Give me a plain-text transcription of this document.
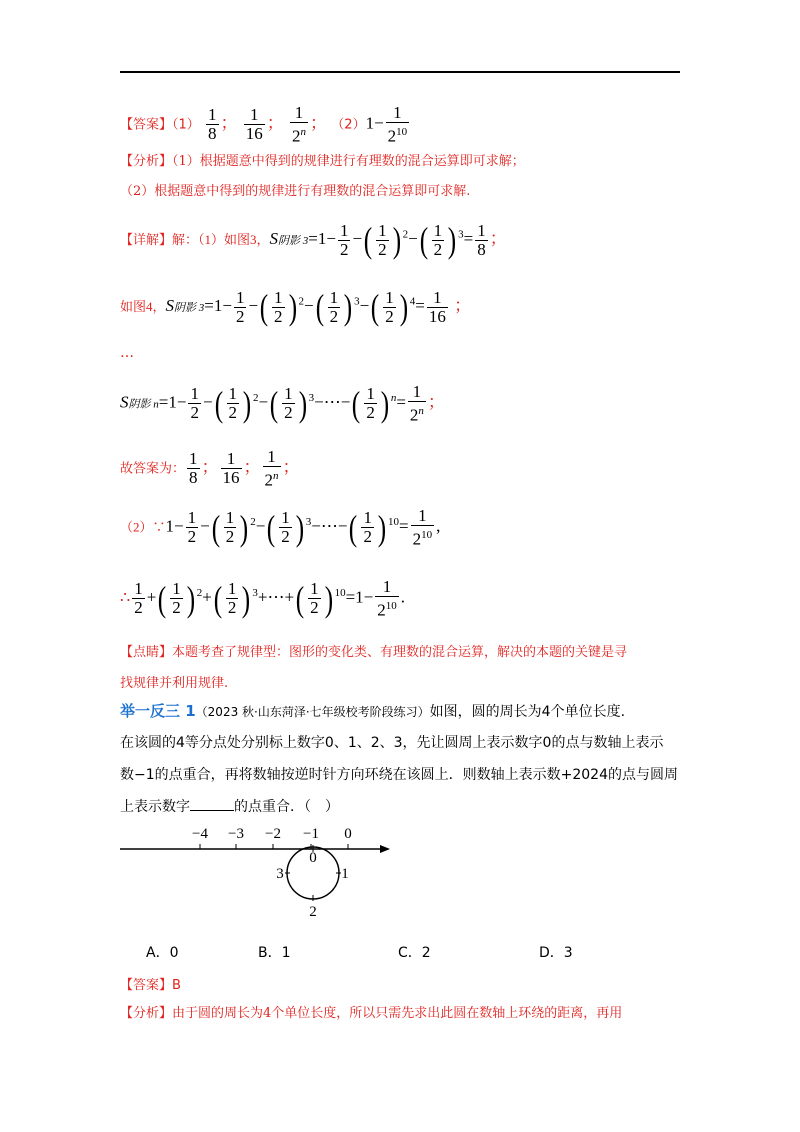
【答案】$(1) \frac{1}{8}$ ； $\frac{1}{16}$ ； $\frac{1}{2^n}$ ； $(2)1- \frac{1}{2^{10}}$
【分析】（1）根据题意中得到的规律进行有理数的混合运算即可求解；
（2）根据题意中得到的规律进行有理数的混合运算即可求解.
【详解】解：（1）如图3，S阴影 $3=1- \frac{1}{2}$ −( $\frac{1}{2}$ ) $^2-( \frac{1}{2}$ ) $^3= \frac{1}{8}$ ；
如图4，S阴影 $3=1- \frac{1}{2}$ −( $\frac{1}{2}$ ) $^2-( \frac{1}{2}$ ) $^3-( \frac{1}{2}$ ) $^4= \frac{1}{16}$ ；
…
S阴影 $n=1- \frac{1}{2}$ −( $\frac{1}{2}$ ) $^2-( \frac{1}{2}$ ) $^3$−⋯−( $\frac{1}{2}$ ) $^n= \frac{1}{2^n}$ ；
故答案为： $\frac{1}{8}$ ； $\frac{1}{16}$ ； $\frac{1}{2^n}$ ；
（2）∵1− $\frac{1}{2}$ −( $\frac{1}{2}$ ) $^2-( \frac{1}{2}$ ) $^3$−⋯−( $\frac{1}{2}$ ) $^{10}= \frac{1}{2^{10}}$ ,
∴ $\frac{1}{2}$ +( $\frac{1}{2}$ ) $^2+( \frac{1}{2}$ ) $^3$+⋯+( $\frac{1}{2}$ ) $^{10}=1- \frac{1}{2^{10}}$ .
【点睛】本题考查了规律型：图形的变化类、有理数的混合运算，解决的本题的关键是寻
找规律并利用规律.
举一反三 1（2023 秋·山东菏泽·七年级校考阶段练习）如图，圆的周长为4个单位长度.
在该圆的4等分点处分别标上数字0、1、2、3，先让圆周上表示数字0的点与数轴上表示
数−1的点重合，再将数轴按逆时针方向环绕在该圆上．则数轴上表示数+2024的点与圆周
上表示数字	的点重合．（　）
−4 −3 −2 −1 0
0
1
2
3
A．0	B．1	C．2	D．3
【答案】B
【分析】由于圆的周长为4个单位长度，所以只需先求出此圆在数轴上环绕的距离，再用
